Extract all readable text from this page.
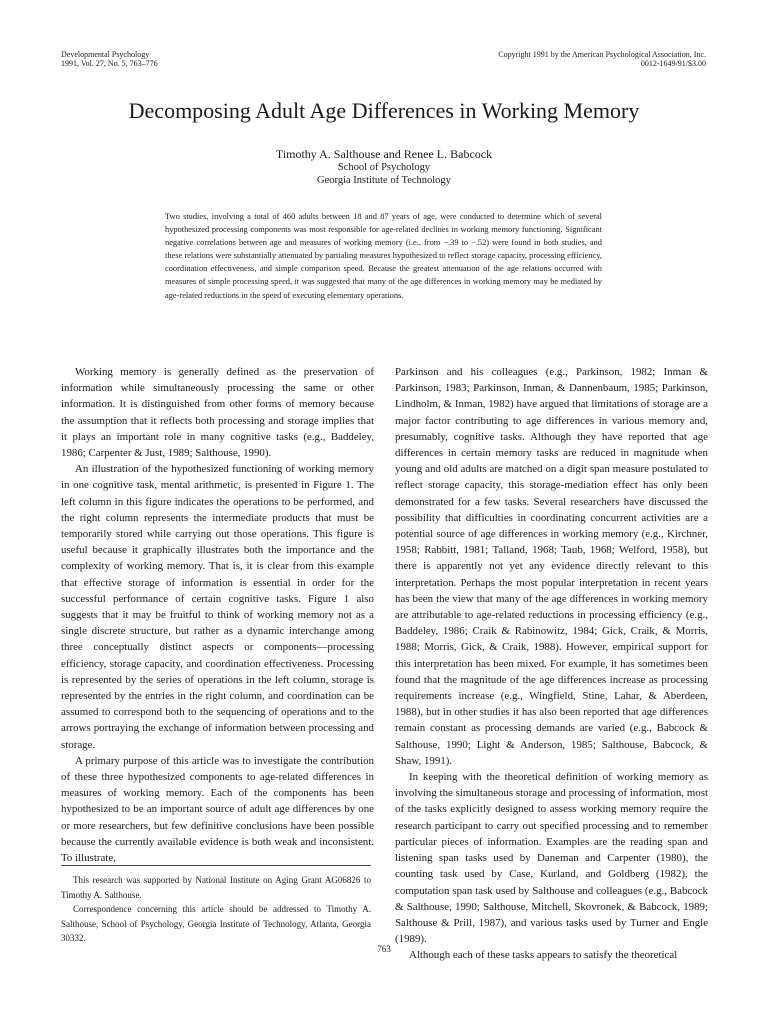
Developmental Psychology
1991, Vol. 27, No. 5, 763–776
Copyright 1991 by the American Psychological Association, Inc.
0012-1649/91/$3.00
Decomposing Adult Age Differences in Working Memory
Timothy A. Salthouse and Renee L. Babcock
School of Psychology
Georgia Institute of Technology
Two studies, involving a total of 460 adults between 18 and 87 years of age, were conducted to determine which of several hypothesized processing components was most responsible for age-related declines in working memory functioning. Significant negative correlations between age and measures of working memory (i.e., from −.39 to −.52) were found in both studies, and these relations were substantially attenuated by partialing measures hypothesized to reflect storage capacity, processing efficiency, coordination effectiveness, and simple comparison speed. Because the greatest attenuation of the age relations occurred with measures of simple processing speed, it was suggested that many of the age differences in working memory may be mediated by age-related reductions in the speed of executing elementary operations.

Working memory is generally defined as the preservation of information while simultaneously processing the same or other information. It is distinguished from other forms of memory because the assumption that it reflects both processing and storage implies that it plays an important role in many cognitive tasks (e.g., Baddeley, 1986; Carpenter & Just, 1989; Salthouse, 1990).

An illustration of the hypothesized functioning of working memory in one cognitive task, mental arithmetic, is presented in Figure 1. The left column in this figure indicates the operations to be performed, and the right column represents the intermediate products that must be temporarily stored while carrying out those operations. This figure is useful because it graphically illustrates both the importance and the complexity of working memory. That is, it is clear from this example that effective storage of information is essential in order for the successful performance of certain cognitive tasks. Figure 1 also suggests that it may be fruitful to think of working memory not as a single discrete structure, but rather as a dynamic interchange among three conceptually distinct aspects or components—processing efficiency, storage capacity, and coordination effectiveness. Processing is represented by the series of operations in the left column, storage is represented by the entries in the right column, and coordination can be assumed to correspond both to the sequencing of operations and to the arrows portraying the exchange of information between processing and storage.

A primary purpose of this article was to investigate the contribution of these three hypothesized components to age-related differences in measures of working memory. Each of the components has been hypothesized to be an important source of adult age differences by one or more researchers, but few definitive conclusions have been possible because the currently available evidence is both weak and inconsistent. To illustrate,

This research was supported by National Institute on Aging Grant AG06826 to Timothy A. Salthouse.

Correspondence concerning this article should be addressed to Timothy A. Salthouse, School of Psychology, Georgia Institute of Technology, Atlanta, Georgia 30332.

Parkinson and his colleagues (e.g., Parkinson, 1982; Inman & Parkinson, 1983; Parkinson, Inman, & Dannenbaum, 1985; Parkinson, Lindholm, & Inman, 1982) have argued that limitations of storage are a major factor contributing to age differences in various memory and, presumably, cognitive tasks. Although they have reported that age differences in certain memory tasks are reduced in magnitude when young and old adults are matched on a digit span measure postulated to reflect storage capacity, this storage-mediation effect has only been demonstrated for a few tasks. Several researchers have discussed the possibility that difficulties in coordinating concurrent activities are a potential source of age differences in working memory (e.g., Kirchner, 1958; Rabbitt, 1981; Talland, 1968; Taub, 1968; Welford, 1958), but there is apparently not yet any evidence directly relevant to this interpretation. Perhaps the most popular interpretation in recent years has been the view that many of the age differences in working memory are attributable to age-related reductions in processing efficiency (e.g., Baddeley, 1986; Craik & Rabinowitz, 1984; Gick, Craik, & Morris, 1988; Morris, Gick, & Craik, 1988). However, empirical support for this interpretation has been mixed. For example, it has sometimes been found that the magnitude of the age differences increase as processing requirements increase (e.g., Wingfield, Stine, Lahar, & Aberdeen, 1988), but in other studies it has also been reported that age differences remain constant as processing demands are varied (e.g., Babcock & Salthouse, 1990; Light & Anderson, 1985; Salthouse, Babcock, & Shaw, 1991).

In keeping with the theoretical definition of working memory as involving the simultaneous storage and processing of information, most of the tasks explicitly designed to assess working memory require the research participant to carry out specified processing and to remember particular pieces of information. Examples are the reading span and listening span tasks used by Daneman and Carpenter (1980), the counting task used by Case, Kurland, and Goldberg (1982), the computation span task used by Salthouse and colleagues (e.g., Babcock & Salthouse, 1990; Salthouse, Mitchell, Skovronek, & Babcock, 1989; Salthouse & Prill, 1987), and various tasks used by Turner and Engle (1989).

Although each of these tasks appears to satisfy the theoretical

763
